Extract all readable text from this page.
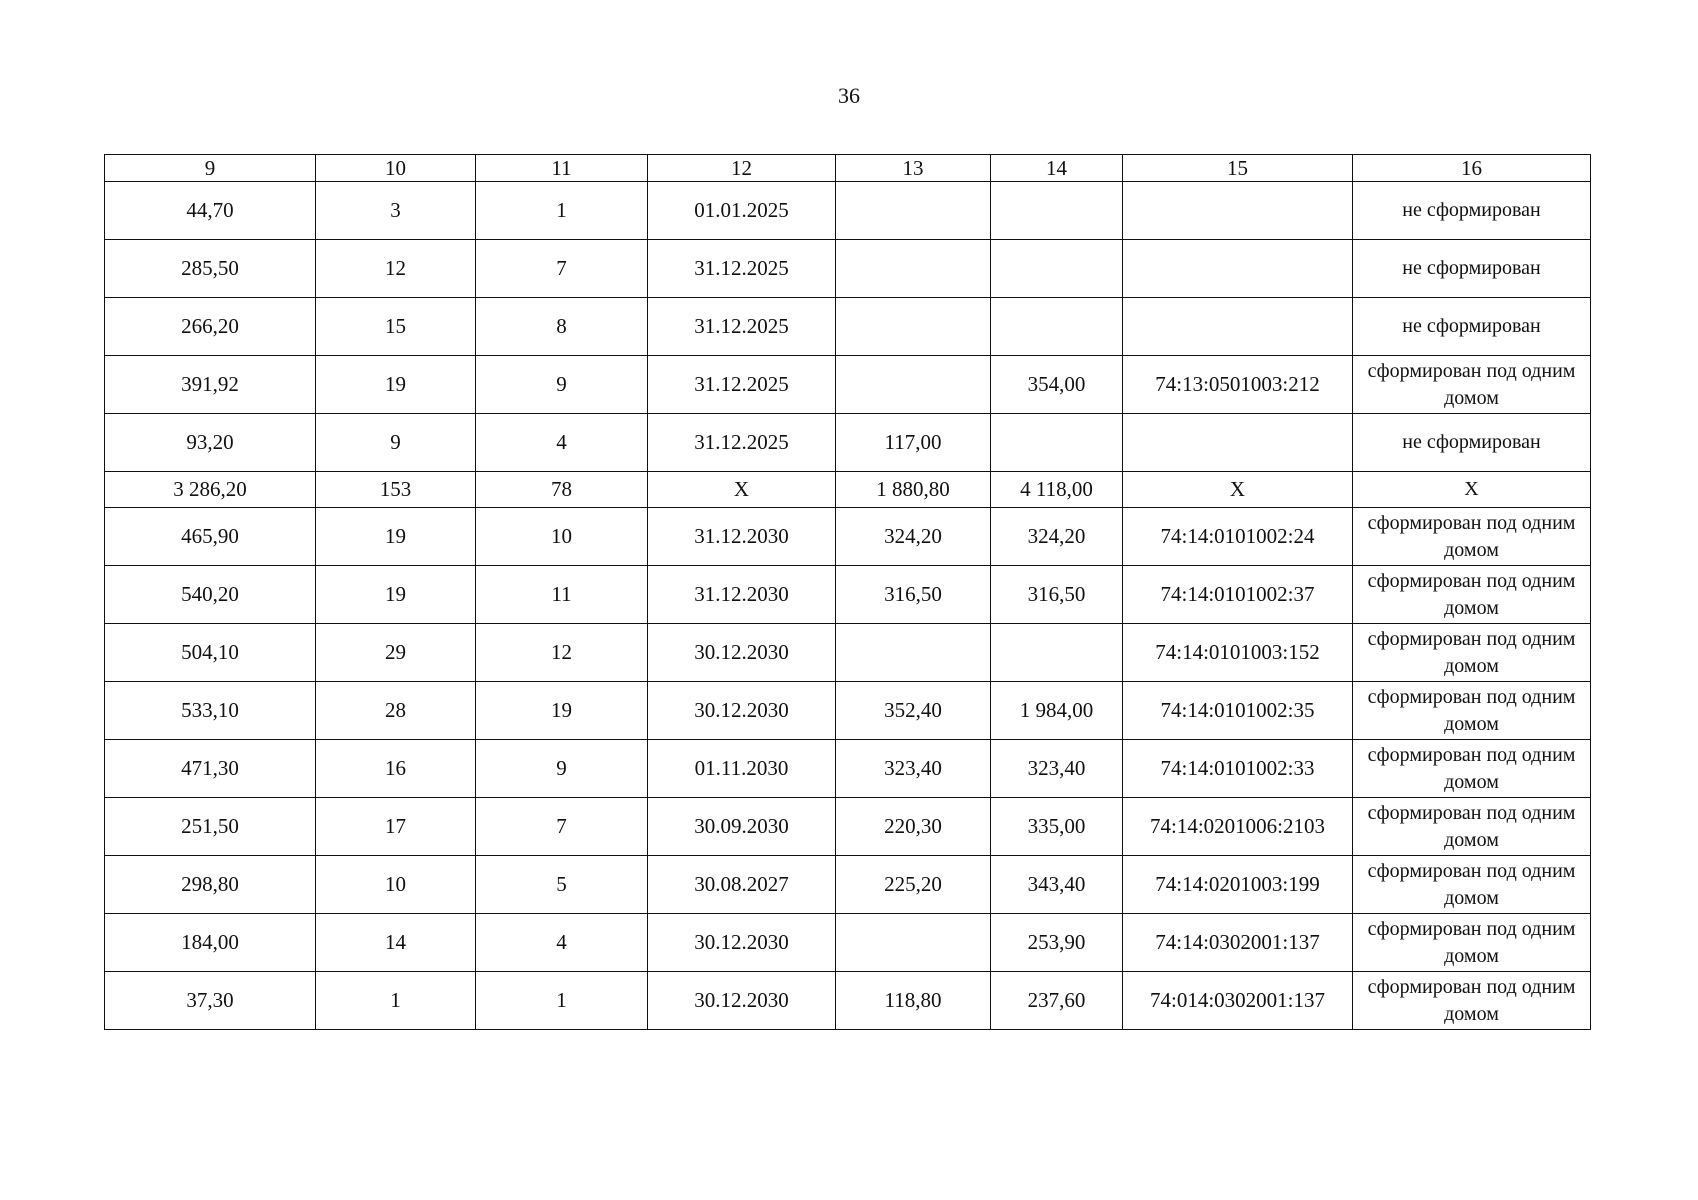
36
9	10	11	12	13	14	15	16
44,70	3	1	01.01.2025				не сформирован
285,50	12	7	31.12.2025				не сформирован
266,20	15	8	31.12.2025				не сформирован
391,92	19	9	31.12.2025		354,00	74:13:0501003:212	сформирован под одним домом
93,20	9	4	31.12.2025	117,00			не сформирован
3 286,20	153	78	Х	1 880,80	4 118,00	Х	Х
465,90	19	10	31.12.2030	324,20	324,20	74:14:0101002:24	сформирован под одним домом
540,20	19	11	31.12.2030	316,50	316,50	74:14:0101002:37	сформирован под одним домом
504,10	29	12	30.12.2030			74:14:0101003:152	сформирован под одним домом
533,10	28	19	30.12.2030	352,40	1 984,00	74:14:0101002:35	сформирован под одним домом
471,30	16	9	01.11.2030	323,40	323,40	74:14:0101002:33	сформирован под одним домом
251,50	17	7	30.09.2030	220,30	335,00	74:14:0201006:2103	сформирован под одним домом
298,80	10	5	30.08.2027	225,20	343,40	74:14:0201003:199	сформирован под одним домом
184,00	14	4	30.12.2030		253,90	74:14:0302001:137	сформирован под одним домом
37,30	1	1	30.12.2030	118,80	237,60	74:014:0302001:137	сформирован под одним домом
